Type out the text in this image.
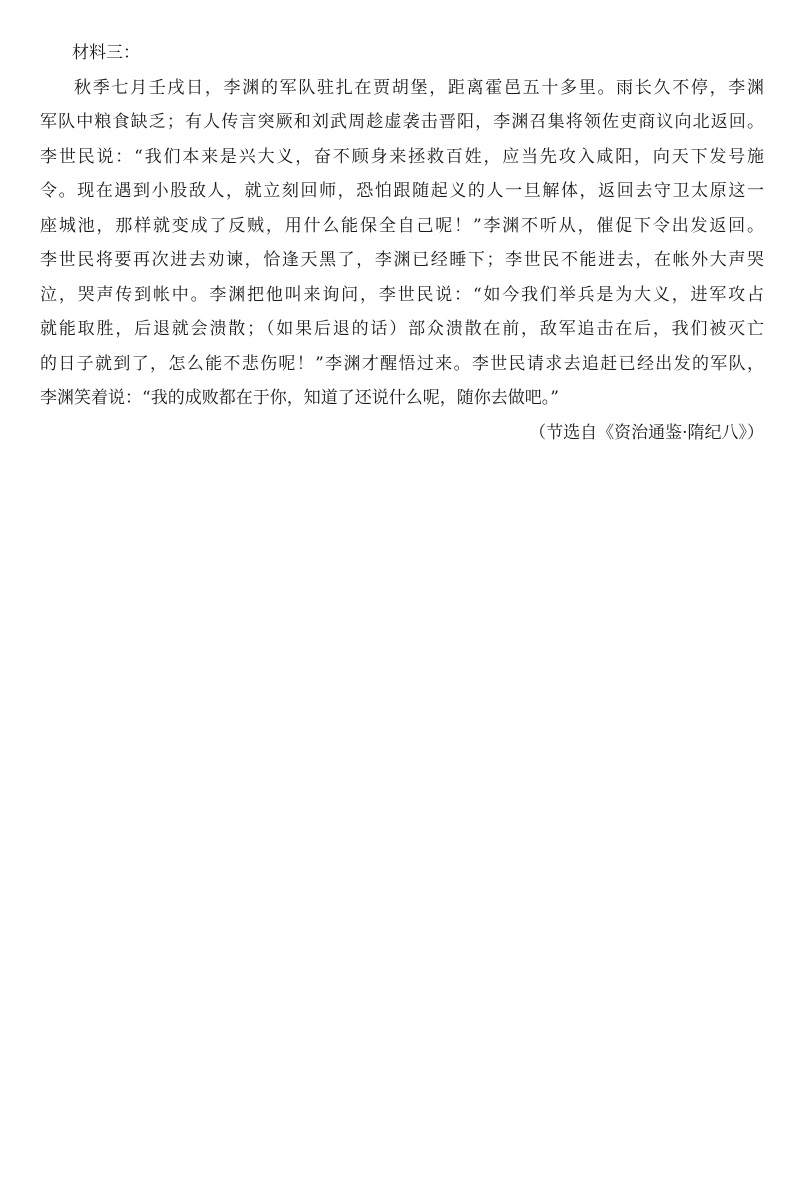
材料三：

秋季七月壬戌日，李渊的军队驻扎在贾胡堡，距离霍邑五十多里。雨长久不停，李渊

军队中粮食缺乏；有人传言突厥和刘武周趁虚袭击晋阳，李渊召集将领佐吏商议向北返回。

李世民说：“我们本来是兴大义，奋不顾身来拯救百姓，应当先攻入咸阳，向天下发号施

令。现在遇到小股敌人，就立刻回师，恐怕跟随起义的人一旦解体，返回去守卫太原这一

座城池，那样就变成了反贼，用什么能保全自己呢！”李渊不听从，催促下令出发返回。

李世民将要再次进去劝谏，恰逢天黑了，李渊已经睡下；李世民不能进去，在帐外大声哭

泣，哭声传到帐中。李渊把他叫来询问，李世民说：“如今我们举兵是为大义，进军攻占

就能取胜，后退就会溃散；（如果后退的话）部众溃散在前，敌军追击在后，我们被灭亡

的日子就到了，怎么能不悲伤呢！”李渊才醒悟过来。李世民请求去追赶已经出发的军队，

李渊笑着说：“我的成败都在于你，知道了还说什么呢，随你去做吧。”

（节选自《资治通鉴·隋纪八》）
